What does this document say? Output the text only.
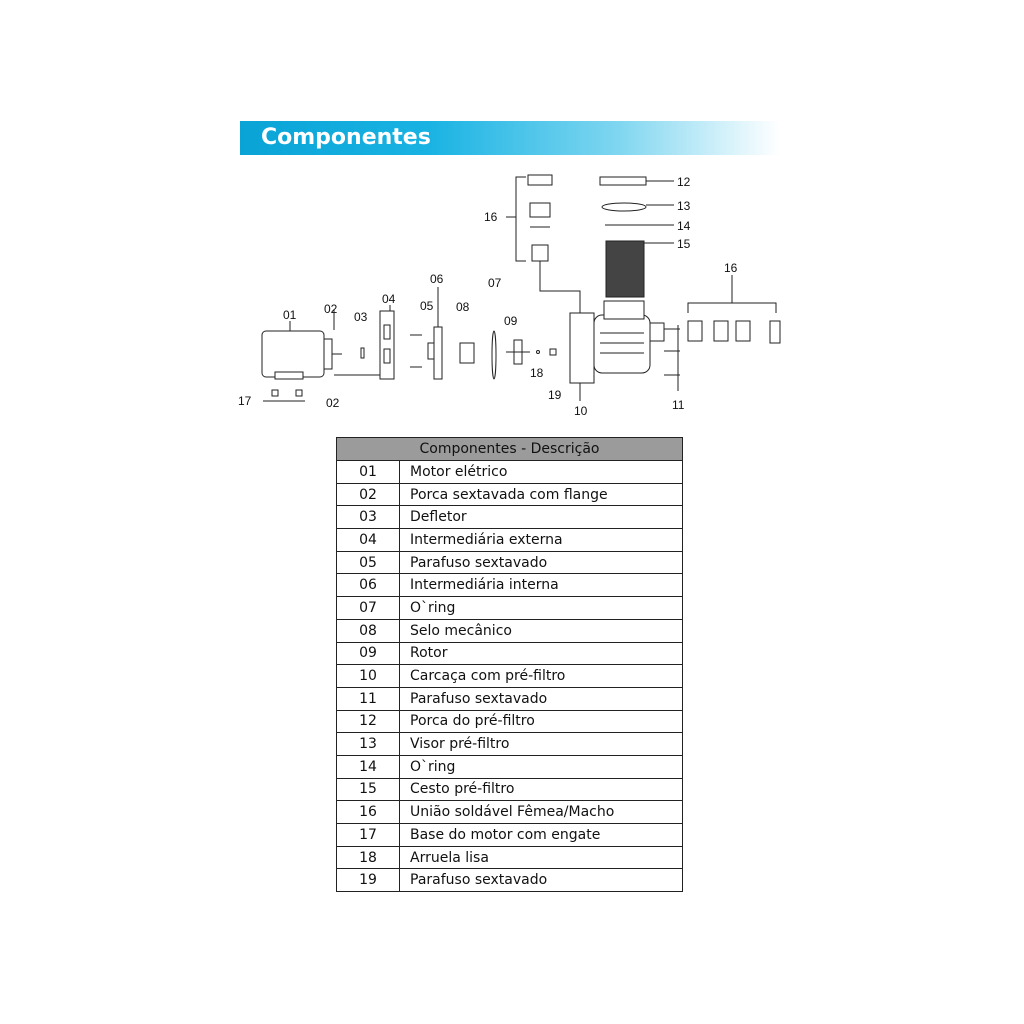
Componentes
01 02
02
03
04 05
06	07
08
09
10	11
12
13
14
15
16
16
17
18
19
Componentes - Descrição	
01	Motor elétrico
02	Porca sextavada com flange
03	Defletor
04	Intermediária externa
05	Parafuso sextavado
06	Intermediária interna
07	O`ring
08	Selo mecânico
09	Rotor
10	Carcaça com pré-filtro
11	Parafuso sextavado
12	Porca do pré-filtro
13	Visor pré-filtro
14	O`ring
15	Cesto pré-filtro
16	União soldável Fêmea/Macho
17	Base do motor com engate
18	Arruela lisa
19	Parafuso sextavado
